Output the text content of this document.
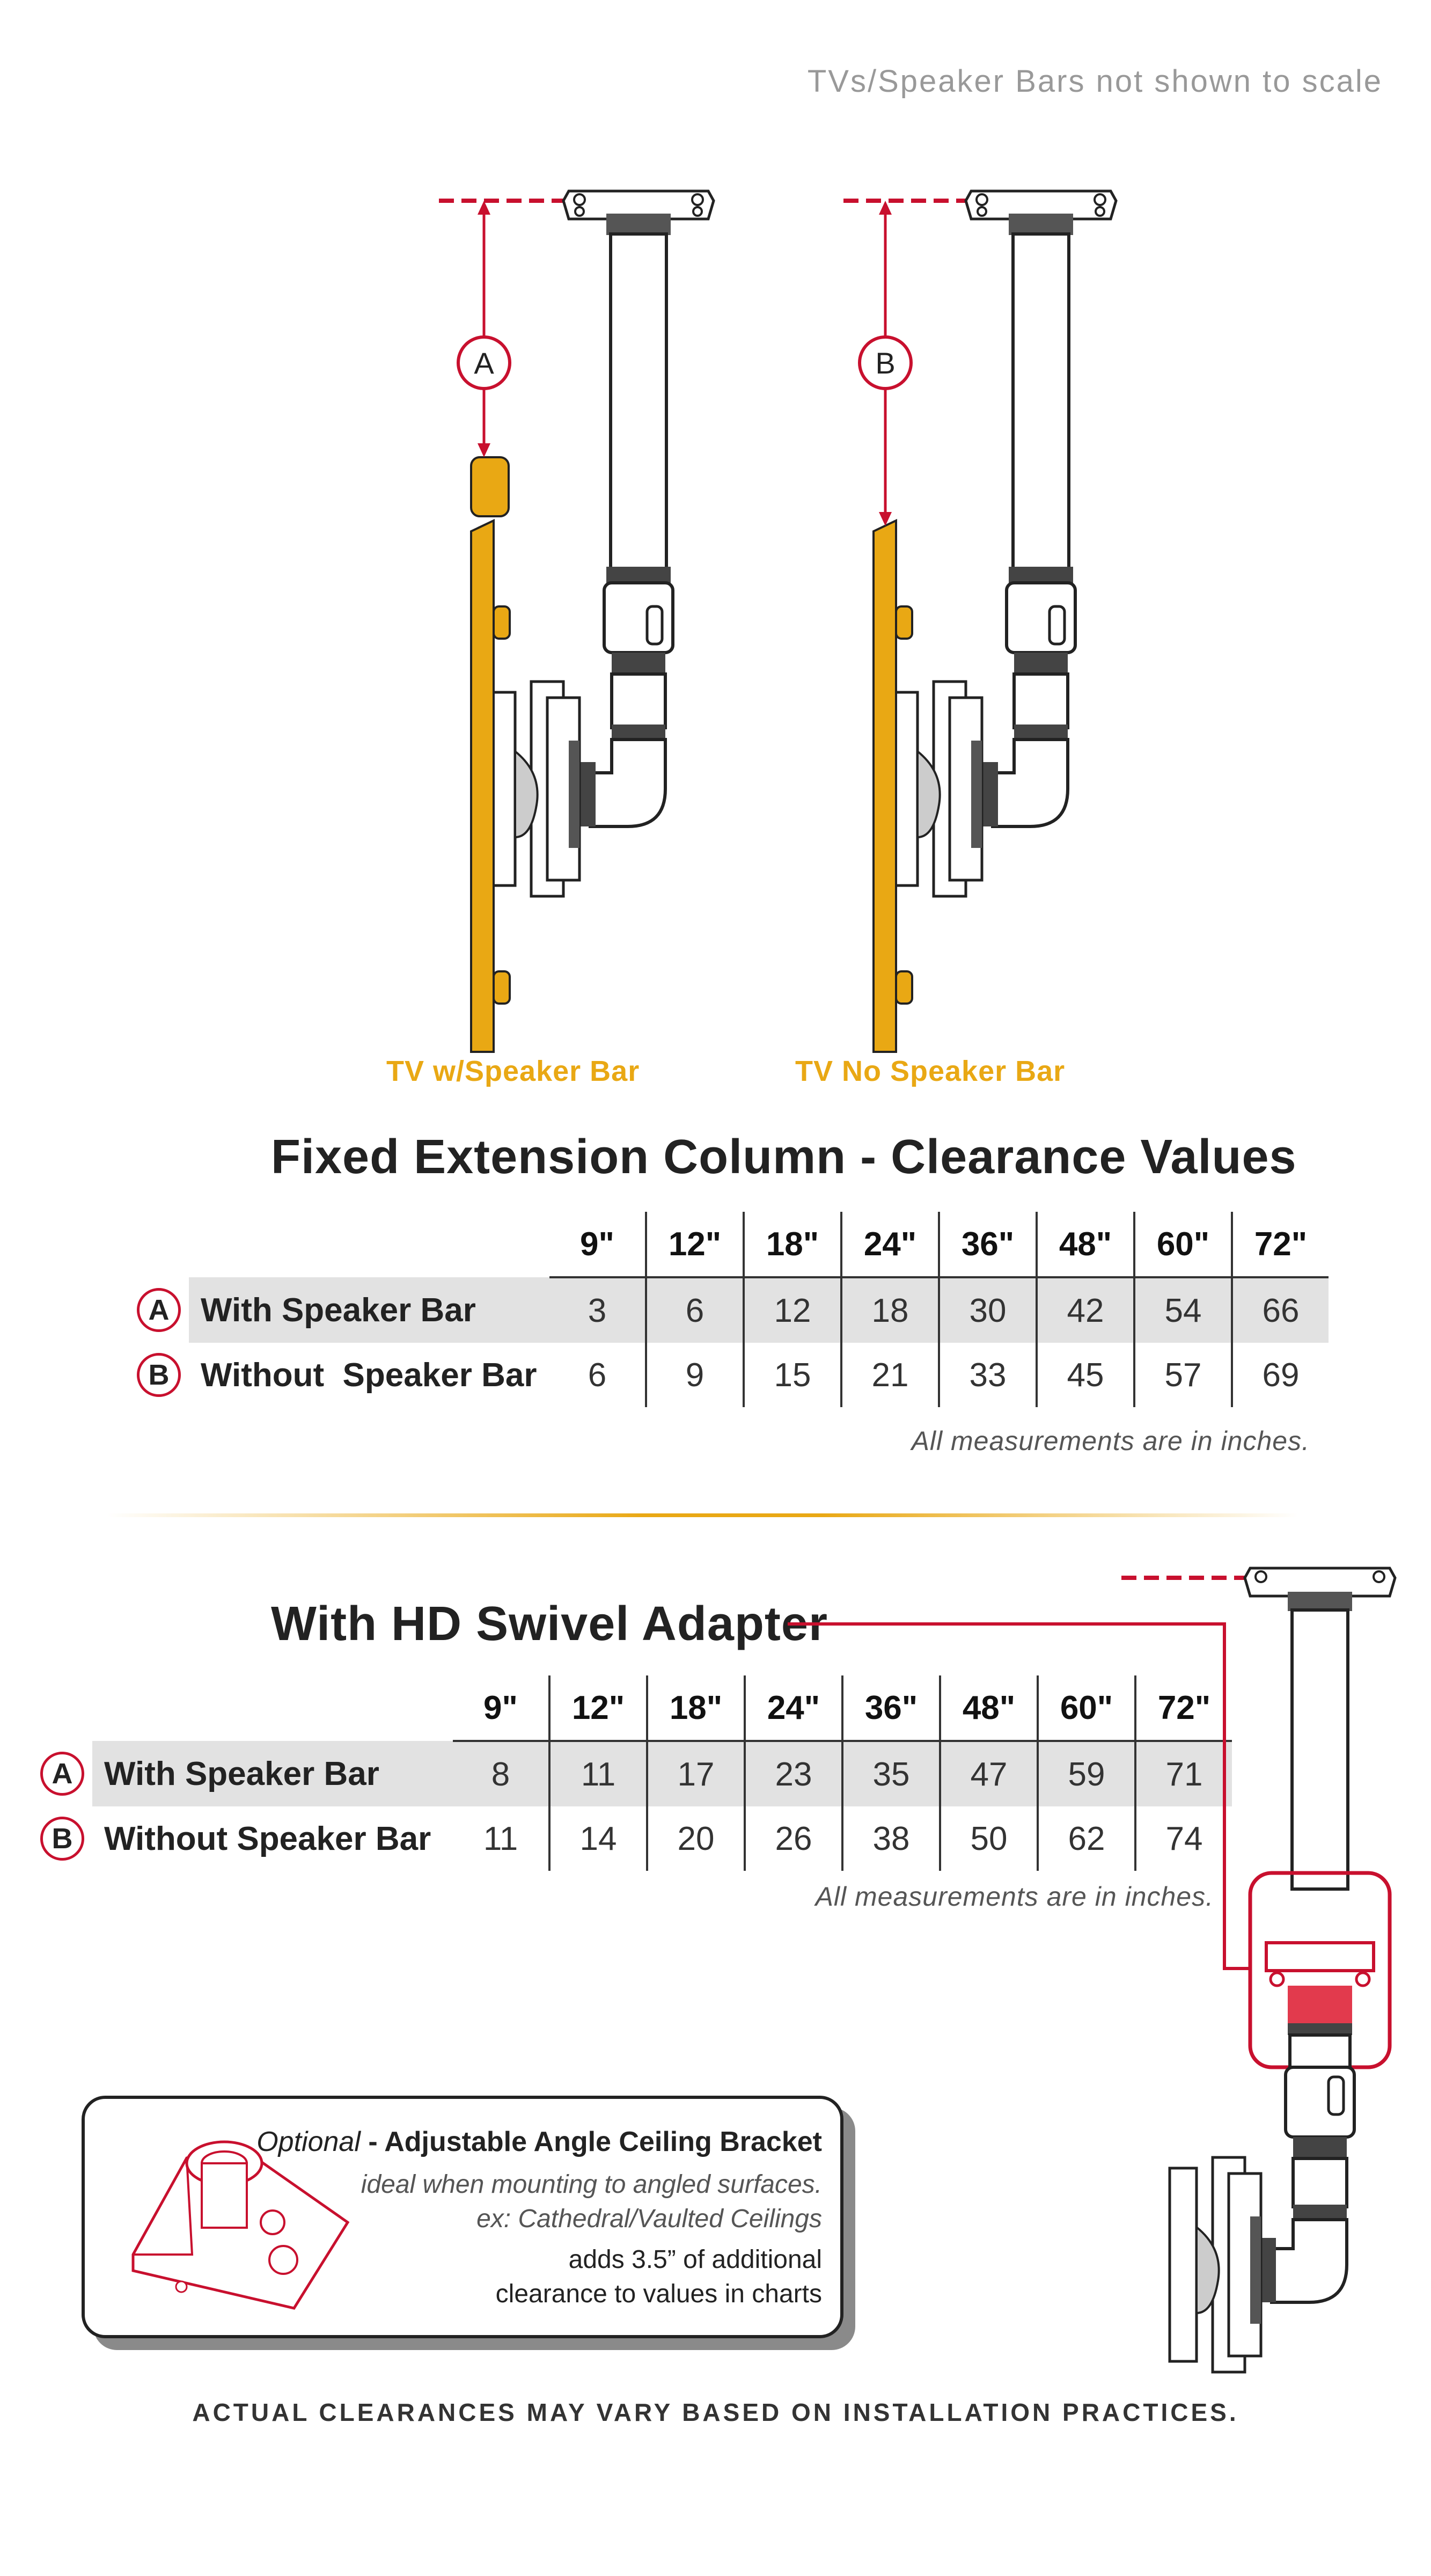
TVs/Speaker Bars not shown to scale
A	B
TV w/Speaker Bar	TV No Speaker Bar
Fixed Extension Column - Clearance Values
		9"	12"	18"	24"	36"	48"	60"	72"
A	With Speaker Bar	3	6	12	18	30	42	54	66
B	Without  Speaker Bar	6	9	15	21	33	45	57	69
All measurements are in inches.
With HD Swivel Adapter
		9"	12"	18"	24"	36"	48"	60"	72"
A	With Speaker Bar	8	11	17	23	35	47	59	71
B	Without Speaker Bar	11	14	20	26	38	50	62	74
All measurements are in inches.
Optional - Adjustable Angle Ceiling Bracket
ideal when mounting to angled surfaces.
ex: Cathedral/Vaulted Ceilings
adds 3.5” of additional
clearance to values in charts
ACTUAL CLEARANCES MAY VARY BASED ON INSTALLATION PRACTICES.
